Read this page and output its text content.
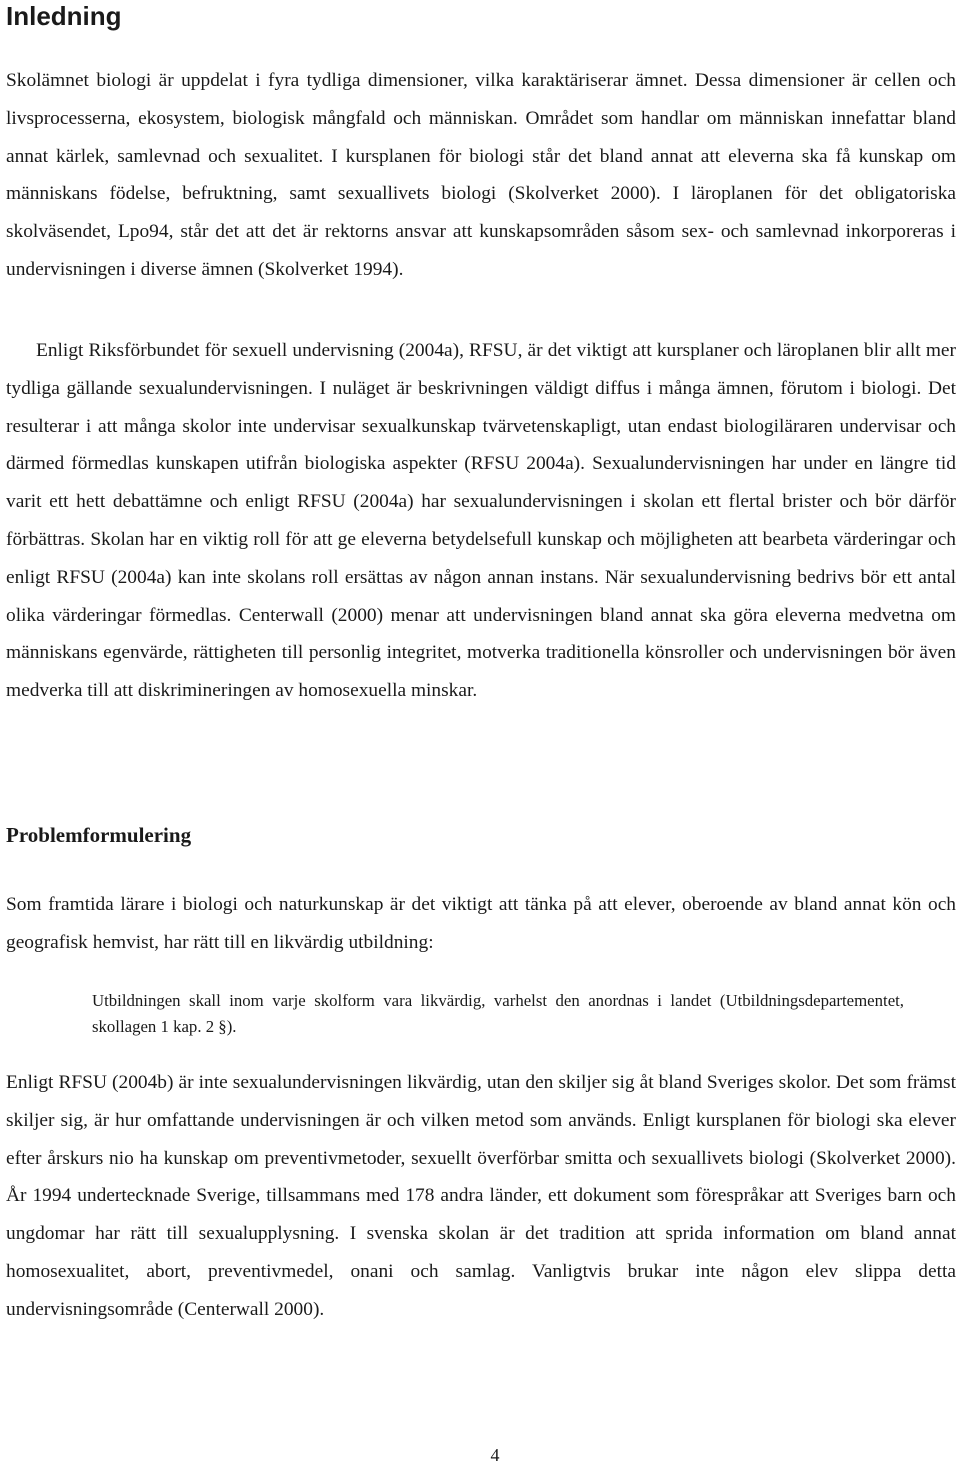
Inledning

Skolämnet biologi är uppdelat i fyra tydliga dimensioner, vilka karaktäriserar ämnet. Dessa dimensioner är cellen och livsprocesserna, ekosystem, biologisk mångfald och människan. Området som handlar om människan innefattar bland annat kärlek, samlevnad och sexualitet. I kursplanen för biologi står det bland annat att eleverna ska få kunskap om människans födelse, befruktning, samt sexuallivets biologi (Skolverket 2000). I läroplanen för det obligatoriska skolväsendet, Lpo94, står det att det är rektorns ansvar att kunskapsområden såsom sex- och samlevnad inkorporeras i undervisningen i diverse ämnen (Skolverket 1994).

Enligt Riksförbundet för sexuell undervisning (2004a), RFSU, är det viktigt att kursplaner och läroplanen blir allt mer tydliga gällande sexualundervisningen. I nuläget är beskrivningen väldigt diffus i många ämnen, förutom i biologi. Det resulterar i att många skolor inte undervisar sexualkunskap tvärvetenskapligt, utan endast biologiläraren undervisar och därmed förmedlas kunskapen utifrån biologiska aspekter (RFSU 2004a). Sexualundervisningen har under en längre tid varit ett hett debattämne och enligt RFSU (2004a) har sexualundervisningen i skolan ett flertal brister och bör därför förbättras. Skolan har en viktig roll för att ge eleverna betydelsefull kunskap och möjligheten att bearbeta värderingar och enligt RFSU (2004a) kan inte skolans roll ersättas av någon annan instans. När sexualundervisning bedrivs bör ett antal olika värderingar förmedlas. Centerwall (2000) menar att undervisningen bland annat ska göra eleverna medvetna om människans egenvärde, rättigheten till personlig integritet, motverka traditionella könsroller och undervisningen bör även medverka till att diskrimineringen av homosexuella minskar.

Problemformulering

Som framtida lärare i biologi och naturkunskap är det viktigt att tänka på att elever, oberoende av bland annat kön och geografisk hemvist, har rätt till en likvärdig utbildning:

Utbildningen skall inom varje skolform vara likvärdig, varhelst den anordnas i landet (Utbildningsdepartementet, skollagen 1 kap. 2 §).

Enligt RFSU (2004b) är inte sexualundervisningen likvärdig, utan den skiljer sig åt bland Sveriges skolor. Det som främst skiljer sig, är hur omfattande undervisningen är och vilken metod som används. Enligt kursplanen för biologi ska elever efter årskurs nio ha kunskap om preventivmetoder, sexuellt överförbar smitta och sexuallivets biologi (Skolverket 2000). År 1994 undertecknade Sverige, tillsammans med 178 andra länder, ett dokument som förespråkar att Sveriges barn och ungdomar har rätt till sexualupplysning. I svenska skolan är det tradition att sprida information om bland annat homosexualitet, abort, preventivmedel, onani och samlag. Vanligtvis brukar inte någon elev slippa detta undervisningsområde (Centerwall 2000).

4
